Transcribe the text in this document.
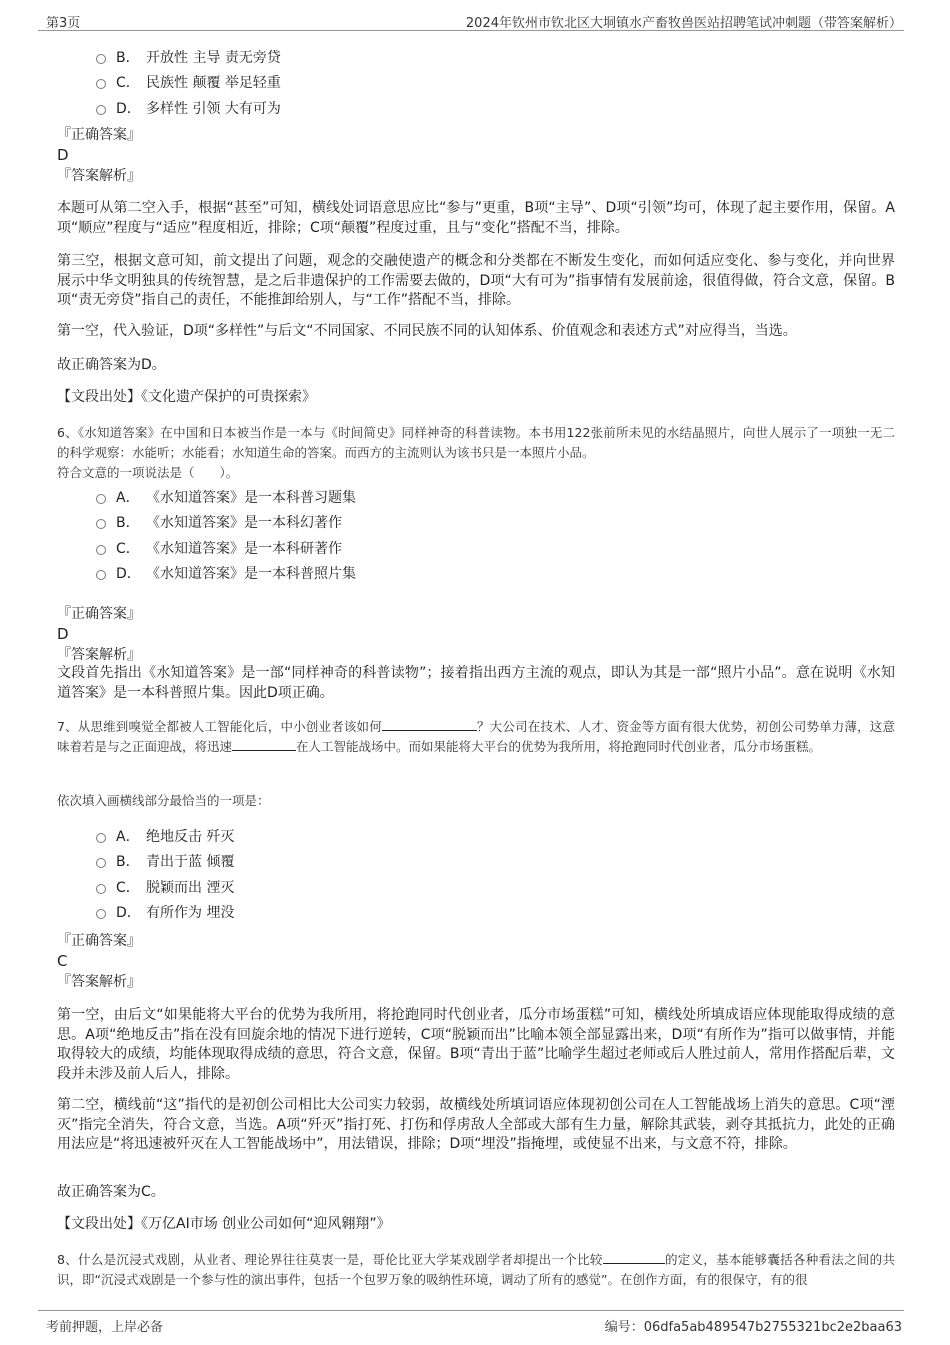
第3页	2024年钦州市钦北区大垌镇水产畜牧兽医站招聘笔试冲刺题（带答案解析）
B． 开放性 主导 责无旁贷
C． 民族性 颠覆 举足轻重
D． 多样性 引领 大有可为
『正确答案』
D
『答案解析』

本题可从第二空入手，根据“甚至”可知，横线处词语意思应比“参与”更重，B项“主导”、D项“引领”均可，体现了起主要作用，保留。A项“顺应”程度与“适应”程度相近，排除；C项“颠覆”程度过重，且与“变化”搭配不当，排除。

第三空，根据文意可知，前文提出了问题，观念的交融使遗产的概念和分类都在不断发生变化，而如何适应变化、参与变化，并向世界展示中华文明独具的传统智慧，是之后非遗保护的工作需要去做的，D项“大有可为”指事情有发展前途，很值得做，符合文意，保留。B项“责无旁贷”指自己的责任，不能推卸给别人，与“工作”搭配不当，排除。

第一空，代入验证，D项“多样性”与后文“不同国家、不同民族不同的认知体系、价值观念和表述方式”对应得当，当选。

故正确答案为D。

【文段出处】《文化遗产保护的可贵探索》

6、《水知道答案》在中国和日本被当作是一本与《时间简史》同样神奇的科普读物。本书用122张前所未见的水结晶照片，向世人展示了一项独一无二的科学观察：水能听；水能看；水知道生命的答案。而西方的主流则认为该书只是一本照片小品。

符合文意的一项说法是（　　）。

A． 《水知道答案》是一本科普习题集
B． 《水知道答案》是一本科幻著作
C． 《水知道答案》是一本科研著作
D． 《水知道答案》是一本科普照片集
『正确答案』
D
『答案解析』

文段首先指出《水知道答案》是一部“同样神奇的科普读物”；接着指出西方主流的观点，即认为其是一部“照片小品”。意在说明《水知道答案》是一本科普照片集。因此D项正确。

7、从思维到嗅觉全都被人工智能化后，中小创业者该如何	？大公司在技术、人才、资金等方面有很大优势，初创公司势单力薄，这意味着若是与之正面迎战，将迅速	在人工智能战场中。而如果能将大平台的优势为我所用，将抢跑同时代创业者，瓜分市场蛋糕。

依次填入画横线部分最恰当的一项是：

A． 绝地反击 歼灭
B． 青出于蓝 倾覆
C． 脱颖而出 湮灭
D． 有所作为 埋没
『正确答案』
C
『答案解析』

第一空，由后文“如果能将大平台的优势为我所用，将抢跑同时代创业者，瓜分市场蛋糕”可知，横线处所填成语应体现能取得成绩的意思。A项“绝地反击”指在没有回旋余地的情况下进行逆转，C项“脱颖而出”比喻本领全部显露出来，D项“有所作为”指可以做事情，并能取得较大的成绩，均能体现取得成绩的意思，符合文意，保留。B项“青出于蓝”比喻学生超过老师或后人胜过前人，常用作搭配后辈，文段并未涉及前人后人，排除。

第二空，横线前“这”指代的是初创公司相比大公司实力较弱，故横线处所填词语应体现初创公司在人工智能战场上消失的意思。C项“湮灭”指完全消失，符合文意，当选。A项“歼灭”指打死、打伤和俘虏敌人全部或大部有生力量，解除其武装，剥夺其抵抗力，此处的正确用法应是“将迅速被歼灭在人工智能战场中”，用法错误，排除；D项“埋没”指掩埋，或使显不出来，与文意不符，排除。

故正确答案为C。

【文段出处】《万亿AI市场 创业公司如何“迎风翱翔”》

8、什么是沉浸式戏剧，从业者、理论界往往莫衷一是，哥伦比亚大学某戏剧学者却提出一个比较	的定义，基本能够囊括各种看法之间的共识，即“沉浸式戏剧是一个参与性的演出事件，包括一个包罗万象的吸纳性环境，调动了所有的感觉”。在创作方面，有的很保守，有的很

考前押题，上岸必备	编号：06dfa5ab489547b2755321bc2e2baa63
